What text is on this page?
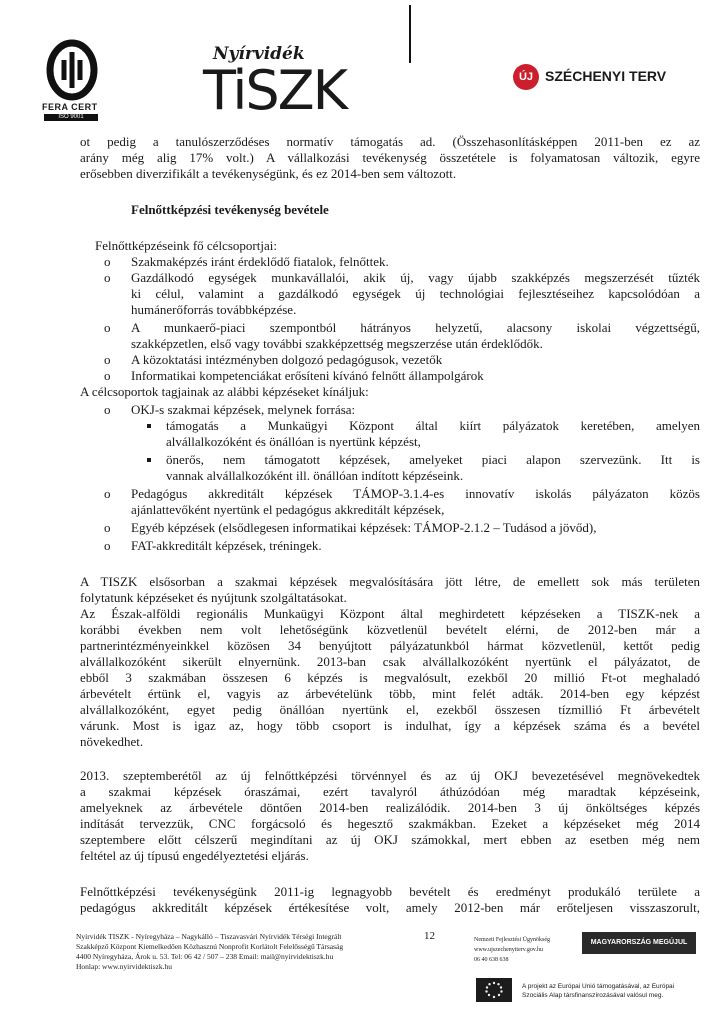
FERA CERT
ISO 9001
Nyírvidék
TiSZK	ÚJ SZÉCHENYI TERV
ot pedig a tanulószerződéses normatív támogatás ad. (Összehasonlításképpen 2011-ben ez az
arány még alig 17% volt.) A vállalkozási tevékenység összetétele is folyamatosan változik, egyre
erősebben diverzifikált a tevékenységünk, és ez 2014-ben sem változott.
Felnőttképzési tevékenység bevétele
Felnőttképzéseink fő célcsoportjai:
o Szakmaképzés iránt érdeklődő fiatalok, felnőttek.
o Gazdálkodó egységek munkavállalói, akik új, vagy újabb szakképzés megszerzését tűzték
ki célul, valamint a gazdálkodó egységek új technológiai fejlesztéseihez kapcsolódóan a
humánerőforrás továbbképzése.
o A munkaerő-piaci szempontból hátrányos helyzetű, alacsony iskolai végzettségű,
szakképzetlen, első vagy további szakképzettség megszerzése után érdeklődők.
o A közoktatási intézményben dolgozó pedagógusok, vezetők
o Informatikai kompetenciákat erősíteni kívánó felnőtt állampolgárok
A célcsoportok tagjainak az alábbi képzéseket kínáljuk:
o OKJ-s szakmai képzések, melynek forrása:
támogatás a Munkaügyi Központ által kiírt pályázatok keretében, amelyen
alvállalkozóként és önállóan is nyertünk képzést,
önerős, nem támogatott képzések, amelyeket piaci alapon szervezünk. Itt is
vannak alvállalkozóként ill. önállóan indított képzéseink.
o Pedagógus akkreditált képzések TÁMOP-3.1.4-es innovatív iskolás pályázaton közös
ajánlattevőként nyertünk el pedagógus akkreditált képzések,
o Egyéb képzések (elsődlegesen informatikai képzések: TÁMOP-2.1.2 – Tudásod a jövőd),
o FAT-akkreditált képzések, tréningek.
A TISZK elsősorban a szakmai képzések megvalósítására jött létre, de emellett sok más területen
folytatunk képzéseket és nyújtunk szolgáltatásokat.
Az Észak-alföldi regionális Munkaügyi Központ által meghirdetett képzéseken a TISZK-nek a
korábbi években nem volt lehetőségünk közvetlenül bevételt elérni, de 2012-ben már a
partnerintézményeinkkel közösen 34 benyújtott pályázatunkból hármat közvetlenül, kettőt pedig
alvállalkozóként sikerült elnyernünk. 2013-ban csak alvállalkozóként nyertünk el pályázatot, de
ebből 3 szakmában összesen 6 képzés is megvalósult, ezekből 20 millió Ft-ot meghaladó
árbevételt értünk el, vagyis az árbevételünk több, mint felét adták. 2014-ben egy képzést
alvállalkozóként, egyet pedig önállóan nyertünk el, ezekből összesen tízmillió Ft árbevételt
várunk. Most is igaz az, hogy több csoport is indulhat, így a képzések száma és a bevétel
növekedhet.
2013. szeptemberétől az új felnőttképzési törvénnyel és az új OKJ bevezetésével megnövekedtek
a szakmai képzések óraszámai, ezért tavalyról áthúzódóan még maradtak képzéseink,
amelyeknek az árbevétele döntően 2014-ben realizálódik. 2014-ben 3 új önköltséges képzés
indítását tervezzük, CNC forgácsoló és hegesztő szakmákban. Ezeket a képzéseket még 2014
szeptembere előtt célszerű megindítani az új OKJ számokkal, mert ebben az esetben még nem
feltétel az új típusú engedélyeztetési eljárás.
Felnőttképzési tevékenységünk 2011-ig legnagyobb bevételt és eredményt produkáló területe a
pedagógus akkreditált képzések értékesítése volt, amely 2012-ben már erőteljesen visszaszorult,
Nyírvidék TISZK - Nyíregyháza – Nagykálló – Tiszavasvári Nyírvidék Térségi Integrált
Szakképző Központ Kiemelkedően Közhasznú Nonprofit Korlátolt Felelősségű Társaság
4400 Nyíregyháza, Árok u. 53. Tel: 06 42 / 507 – 238 Email: mail@nyirvidektiszk.hu
Honlap: www.nyirvidektiszk.hu
12	Nemzeti Fejlesztési Ügynökség
www.ujszechenyiterv.gov.hu
06 40 638 638
MAGYARORSZÁG MEGÚJUL
A projekt az Európai Unió támogatásával, az Európai
Szociális Alap társfinanszírozásával valósul meg.
